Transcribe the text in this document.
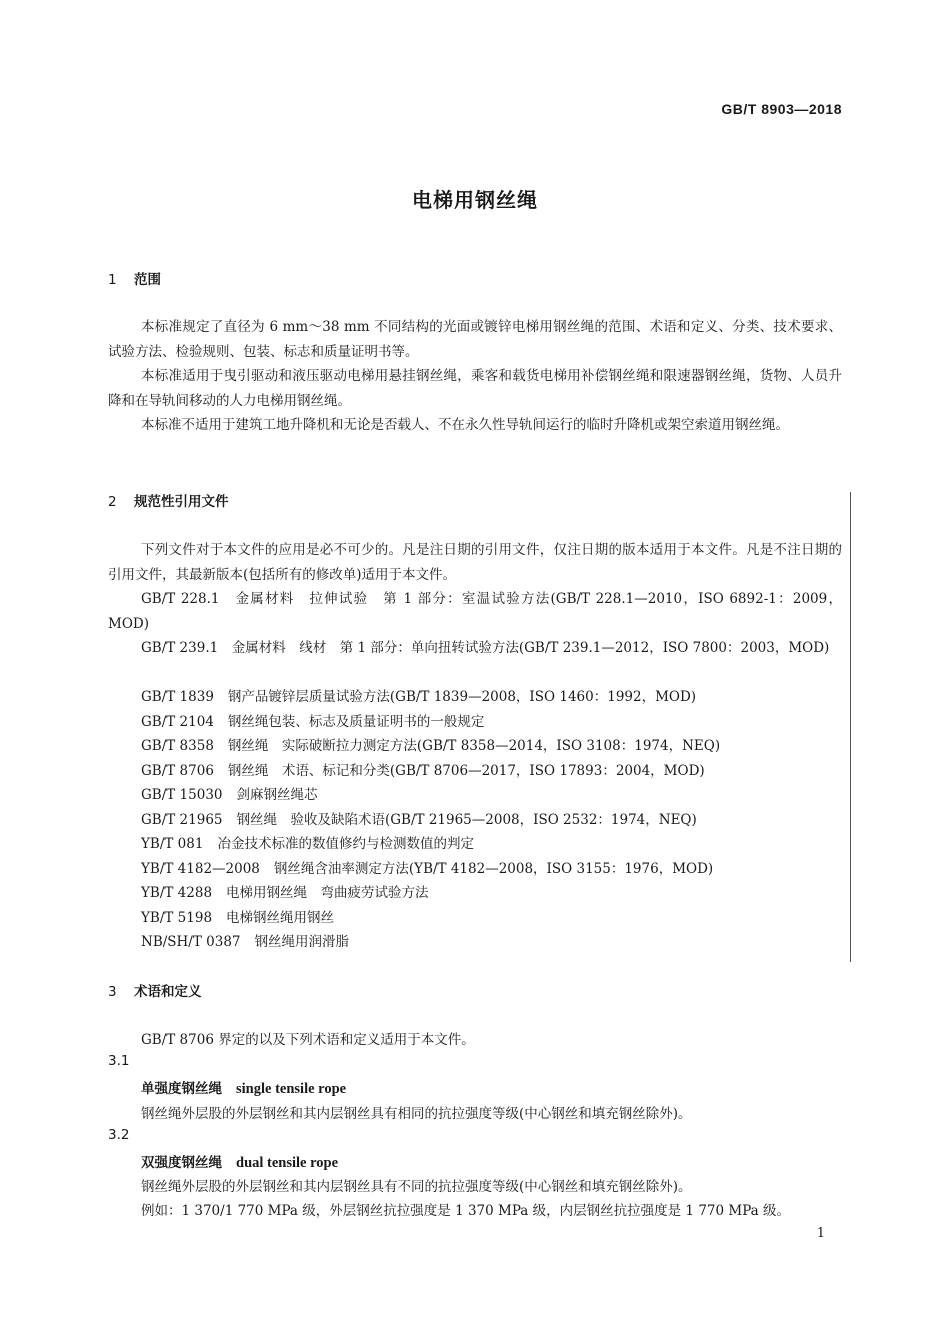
GB/T 8903—2018
电梯用钢丝绳
1 范围

本标准规定了直径为 6 mm～38 mm 不同结构的光面或镀锌电梯用钢丝绳的范围、术语和定义、分类、技术要求、试验方法、检验规则、包装、标志和质量证明书等。

本标准适用于曳引驱动和液压驱动电梯用悬挂钢丝绳，乘客和载货电梯用补偿钢丝绳和限速器钢丝绳，货物、人员升降和在导轨间移动的人力电梯用钢丝绳。

本标准不适用于建筑工地升降机和无论是否载人、不在永久性导轨间运行的临时升降机或架空索道用钢丝绳。

2 规范性引用文件

下列文件对于本文件的应用是必不可少的。凡是注日期的引用文件，仅注日期的版本适用于本文件。凡是不注日期的引用文件，其最新版本(包括所有的修改单)适用于本文件。

GB/T 228.1　 金属材料　拉伸试验　第 1 部分：室温试验方法(GB/T 228.1—2010，ISO 6892-1：2009，MOD)
GB/T 239.1　 金属材料　线材　第 1 部分：单向扭转试验方法(GB/T 239.1—2012，ISO 7800：2003，MOD)
GB/T 1839 钢产品镀锌层质量试验方法(GB/T 1839—2008，ISO 1460：1992，MOD)
GB/T 2104 钢丝绳包装、标志及质量证明书的一般规定
GB/T 8358 钢丝绳　实际破断拉力测定方法(GB/T 8358—2014，ISO 3108：1974，NEQ)
GB/T 8706 钢丝绳　术语、标记和分类(GB/T 8706—2017，ISO 17893：2004，MOD)
GB/T 15030 剑麻钢丝绳芯
GB/T 21965 钢丝绳　验收及缺陷术语(GB/T 21965—2008，ISO 2532：1974，NEQ)
YB/T 081 冶金技术标准的数值修约与检测数值的判定
YB/T 4182—2008 钢丝绳含油率测定方法(YB/T 4182—2008，ISO 3155：1976，MOD)
YB/T 4288 电梯用钢丝绳　弯曲疲劳试验方法
YB/T 5198 电梯钢丝绳用钢丝
NB/SH/T 0387 钢丝绳用润滑脂
3 术语和定义
GB/T 8706 界定的以及下列术语和定义适用于本文件。
3.1
单强度钢丝绳 single tensile rope
钢丝绳外层股的外层钢丝和其内层钢丝具有相同的抗拉强度等级(中心钢丝和填充钢丝除外)。
3.2
双强度钢丝绳 dual tensile rope
钢丝绳外层股的外层钢丝和其内层钢丝具有不同的抗拉强度等级(中心钢丝和填充钢丝除外)。
例如：1 370/1 770 MPa 级，外层钢丝抗拉强度是 1 370 MPa 级，内层钢丝抗拉强度是 1 770 MPa 级。
1
